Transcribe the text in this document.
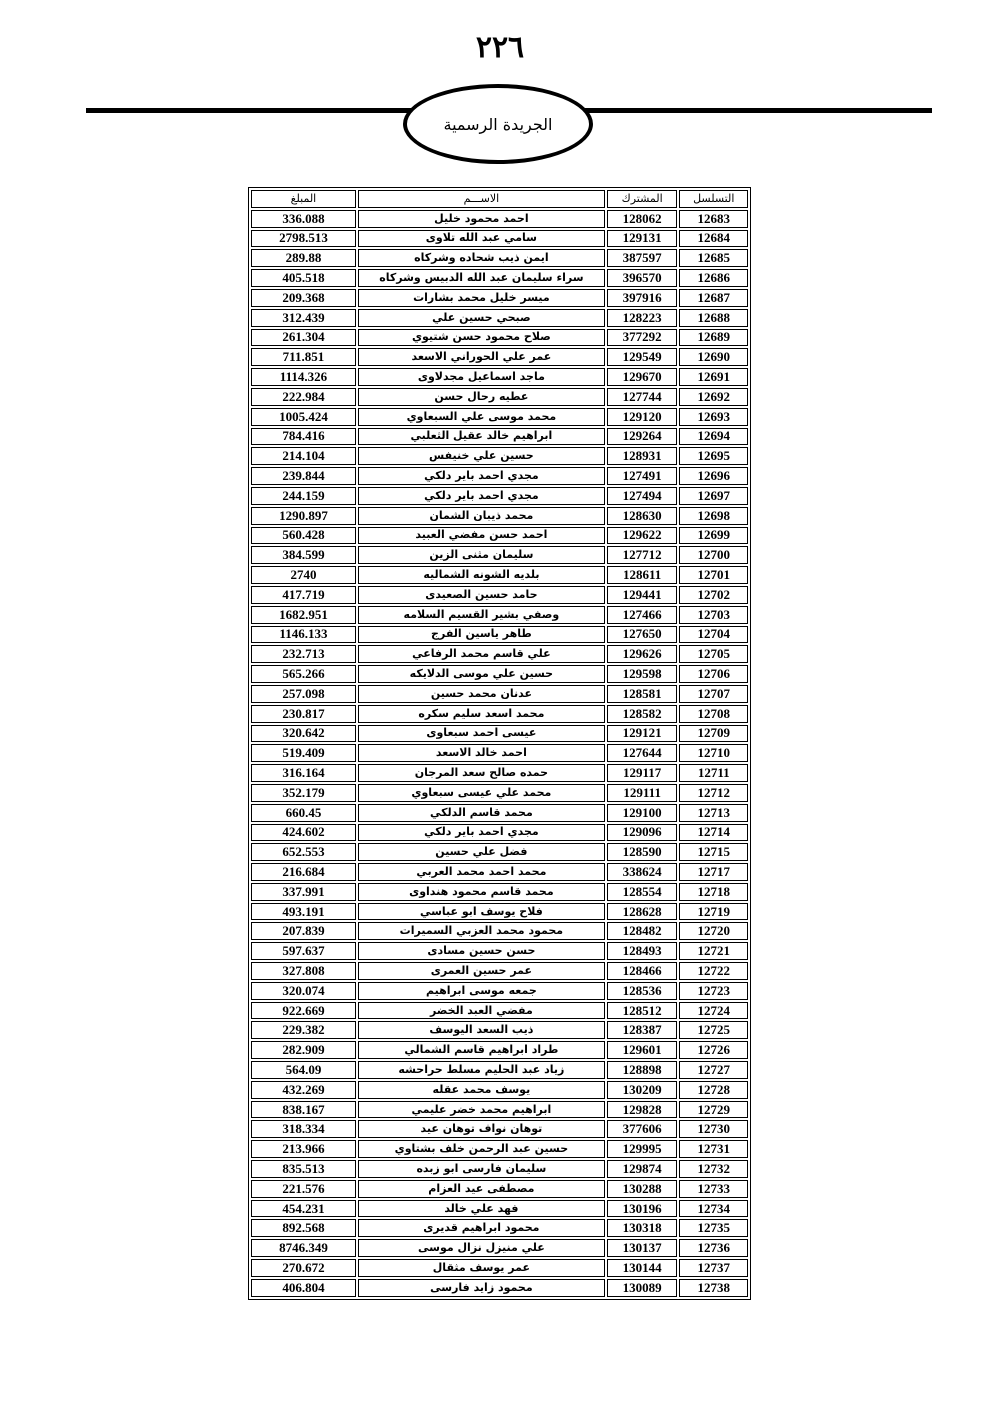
٢٢٦
الجريدة الرسمية
التسلسل	المشترك	الاســـم	المبلغ
12683	128062	احمد محمود خليل	336.088
12684	129131	سامي عبد الله تلاوى	2798.513
12685	387597	ايمن ذيب شحاده وشركاه	289.88
12686	396570	سراء سليمان عبد الله الدبيس وشركاه	405.518
12687	397916	ميسر خليل محمد بشارات	209.368
12688	128223	صبحي حسين علي	312.439
12689	377292	صلاح محمود حسن شتيوي	261.304
12690	129549	عمر علي الحوراني الاسعد	711.851
12691	129670	ماجد اسماعيل مجدلاوى	1114.326
12692	127744	عطيه رحال حسن	222.984
12693	129120	محمد موسى علي السبعاوي	1005.424
12694	129264	ابراهيم خالد عقيل الثعلبي	784.416
12695	128931	حسين علي خنيفس	214.104
12696	127491	مجدي احمد باير دلكي	239.844
12697	127494	مجدي احمد باير دلكي	244.159
12698	128630	محمد ذيبان الشمان	1290.897
12699	129622	احمد حسن مفضي العبيد	560.428
12700	127712	سليمان مثنى الزين	384.599
12701	128611	بلديه الشونه الشماليه	2740
12702	129441	حامد حسين الصعيدى	417.719
12703	127466	وصفي بشير القسيم السلامه	1682.951
12704	127650	طاهر ياسين الفرج	1146.133
12705	129626	علي قاسم محمد الرفاعي	232.713
12706	129598	حسين علي موسى الدلايكه	565.266
12707	128581	عدنان محمد حسين	257.098
12708	128582	محمد اسعد سليم سكره	230.817
12709	129121	عيسى احمد سبعاوى	320.642
12710	127644	احمد خالد الاسعد	519.409
12711	129117	حمده صالح سعد المرجان	316.164
12712	129111	محمد علي عيسى سبعاوي	352.179
12713	129100	محمد قاسم الدلكي	660.45
12714	129096	مجدي احمد باير دلكي	424.602
12715	128590	فضل علي حسين	652.553
12717	338624	محمد احمد محمد العربي	216.684
12718	128554	محمد قاسم محمود هنداوى	337.991
12719	128628	فلاح يوسف ابو عباسي	493.191
12720	128482	محمود محمد العزبي السميرات	207.839
12721	128493	حسن حسين مسادى	597.637
12722	128466	عمر حسين العمرى	327.808
12723	128536	جمعه موسى ابراهيم	320.074
12724	128512	مفضي العبد الخضر	922.669
12725	128387	ذيب السعد اليوسف	229.382
12726	129601	طراد ابراهيم قاسم الشمالي	282.909
12727	128898	زياد عبد الحليم مسلط حراحشه	564.09
12728	130209	يوسف محمد عقله	432.269
12729	129828	ابراهيم محمد خضر عليمي	838.167
12730	377606	توهان نواف توهان عيد	318.334
12731	129995	حسين عبد الرحمن خلف بشتاوي	213.966
12732	129874	سليمان فارسى ابو زبده	835.513
12733	130288	مصطفى عيد العزام	221.576
12734	130196	فهد علي خالد	454.231
12735	130318	محمود ابراهيم قديرى	892.568
12736	130137	علي منيزل نزال موسى	8746.349
12737	130144	عمر يوسف مثقال	270.672
12738	130089	محمود زايد فارسى	406.804
